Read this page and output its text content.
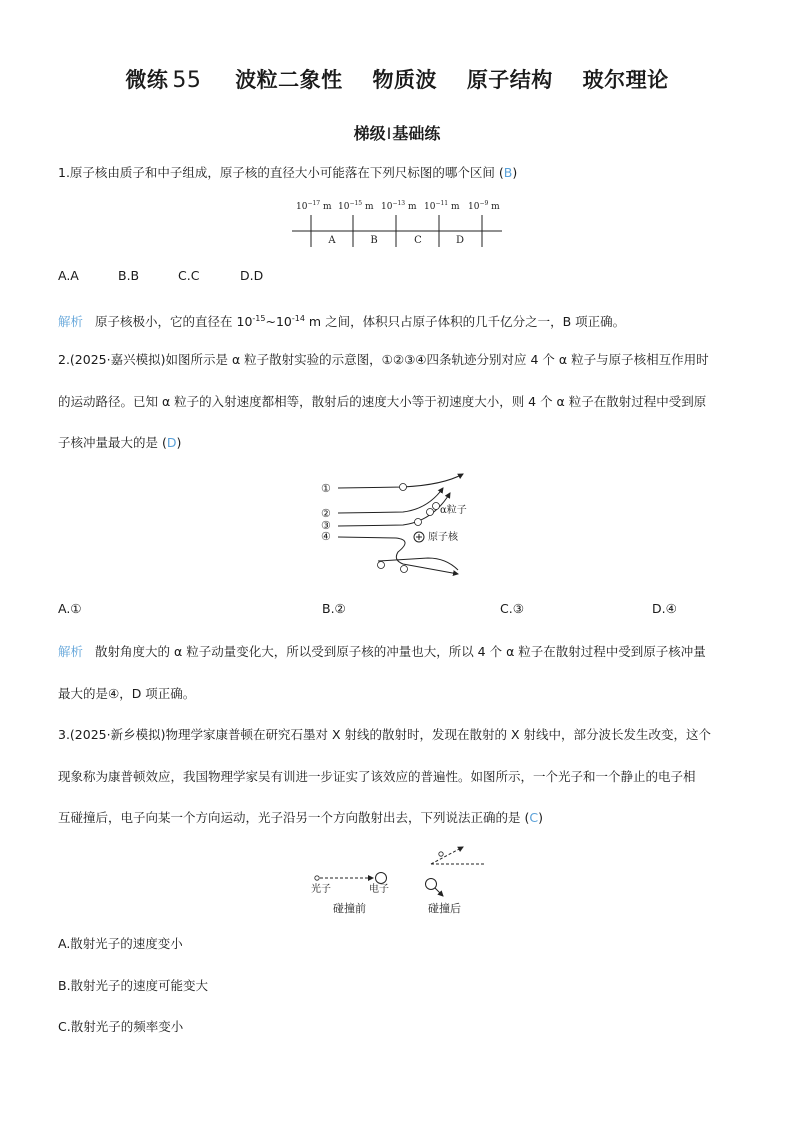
微练 55 波粒二象性 物质波 原子结构 玻尔理论
梯级Ⅰ基础练
1.原子核由质子和中子组成，原子核的直径大小可能落在下列尺标图的哪个区间 (B)
$10^{-17}$ m $10^{-15}$ m $10^{-13}$ m $10^{-11}$ m $10^{-9}$ m
A	B	C	D
A.A	B.B	C.C	D.D
解析 原子核极小，它的直径在 $10^{-15}\sim 10^{-14}$ m 之间，体积只占原子体积的几千亿分之一，B 项正确。
2.(2025·嘉兴模拟)如图所示是 α 粒子散射实验的示意图，①②③④四条轨迹分别对应 4 个 α 粒子与原子核相互作用时
的运动路径。已知 α 粒子的入射速度都相等，散射后的速度大小等于初速度大小，则 4 个 α 粒子在散射过程中受到原
子核冲量最大的是 (D)
①
②
③
④
α粒子
原子核
A.①	B.②	C.③	D.④
解析 散射角度大的 α 粒子动量变化大，所以受到原子核的冲量也大，所以 4 个 α 粒子在散射过程中受到原子核冲量
最大的是④，D 项正确。
3.(2025·新乡模拟)物理学家康普顿在研究石墨对 X 射线的散射时，发现在散射的 X 射线中，部分波长发生改变，这个
现象称为康普顿效应，我国物理学家吴有训进一步证实了该效应的普遍性。如图所示，一个光子和一个静止的电子相
互碰撞后，电子向某一个方向运动，光子沿另一个方向散射出去，下列说法正确的是 (C)
光子	电子
碰撞前	碰撞后
A.散射光子的速度变小
B.散射光子的速度可能变大
C.散射光子的频率变小
